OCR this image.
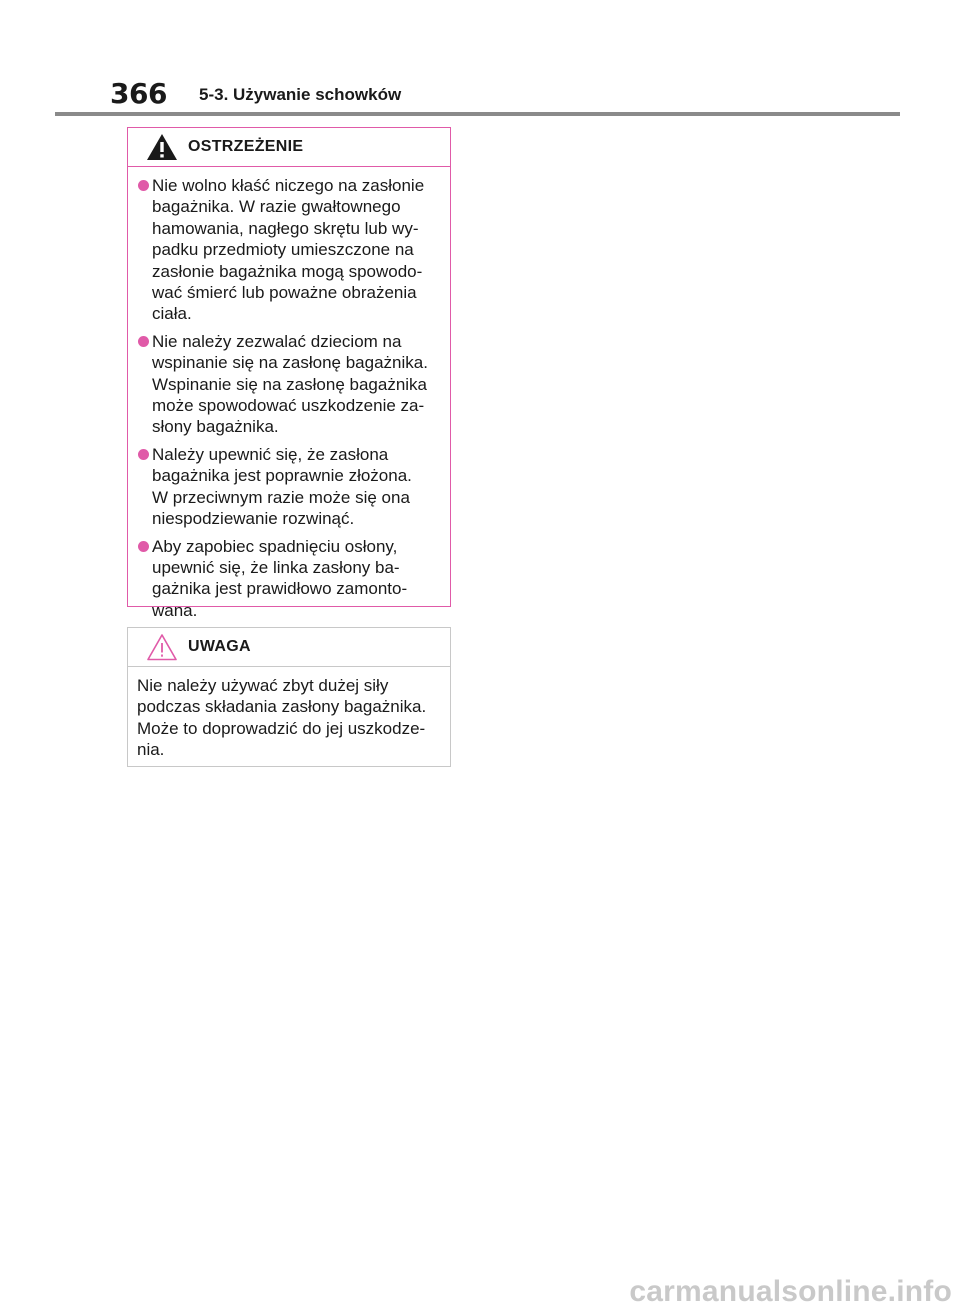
366 5-3. Używanie schowków
OSTRZEŻENIE
Nie wolno kłaść niczego na zasłonie
bagażnika. W razie gwałtownego
hamowania, nagłego skrętu lub wy-
padku przedmioty umieszczone na
zasłonie bagażnika mogą spowodo-
wać śmierć lub poważne obrażenia
ciała.
Nie należy zezwalać dzieciom na
wspinanie się na zasłonę bagażnika.
Wspinanie się na zasłonę bagażnika
może spowodować uszkodzenie za-
słony bagażnika.
Należy upewnić się, że zasłona
bagażnika jest poprawnie złożona.
W przeciwnym razie może się ona
niespodziewanie rozwinąć.
Aby zapobiec spadnięciu osłony,
upewnić się, że linka zasłony ba-
gażnika jest prawidłowo zamonto-
wana.
UWAGA
Nie należy używać zbyt dużej siły
podczas składania zasłony bagażnika.
Może to doprowadzić do jej uszkodze-
nia.
carmanualsonline.info
